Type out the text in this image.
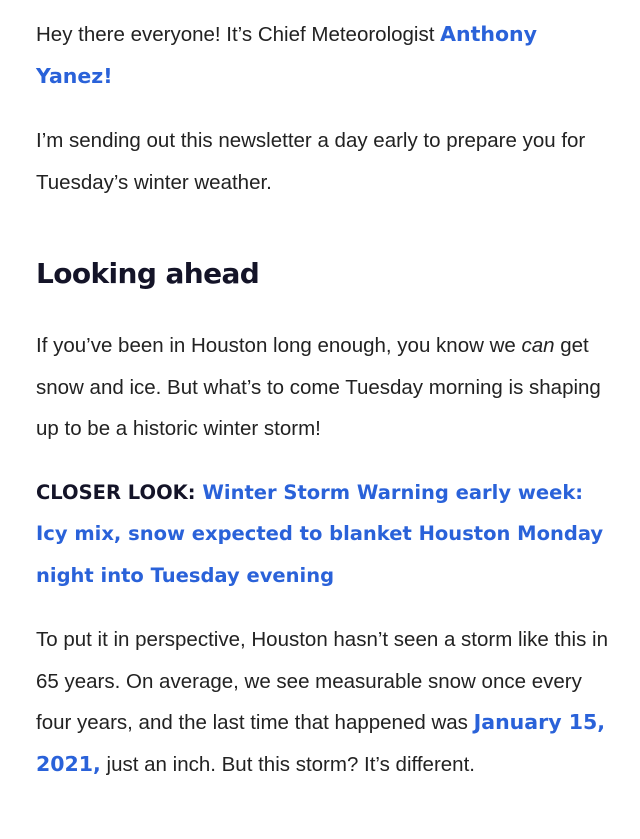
Hey there everyone! It’s Chief Meteorologist Anthony Yanez!

I’m sending out this newsletter a day early to prepare you for Tuesday’s winter weather.

Looking ahead

If you’ve been in Houston long enough, you know we can get snow and ice. But what’s to come Tuesday morning is shaping up to be a historic winter storm!

CLOSER LOOK: Winter Storm Warning early week: Icy mix, snow expected to blanket Houston Monday night into Tuesday evening

To put it in perspective, Houston hasn’t seen a storm like this in 65 years. On average, we see measurable snow once every four years, and the last time that happened was January 15, 2021, just an inch. But this storm? It’s different.
